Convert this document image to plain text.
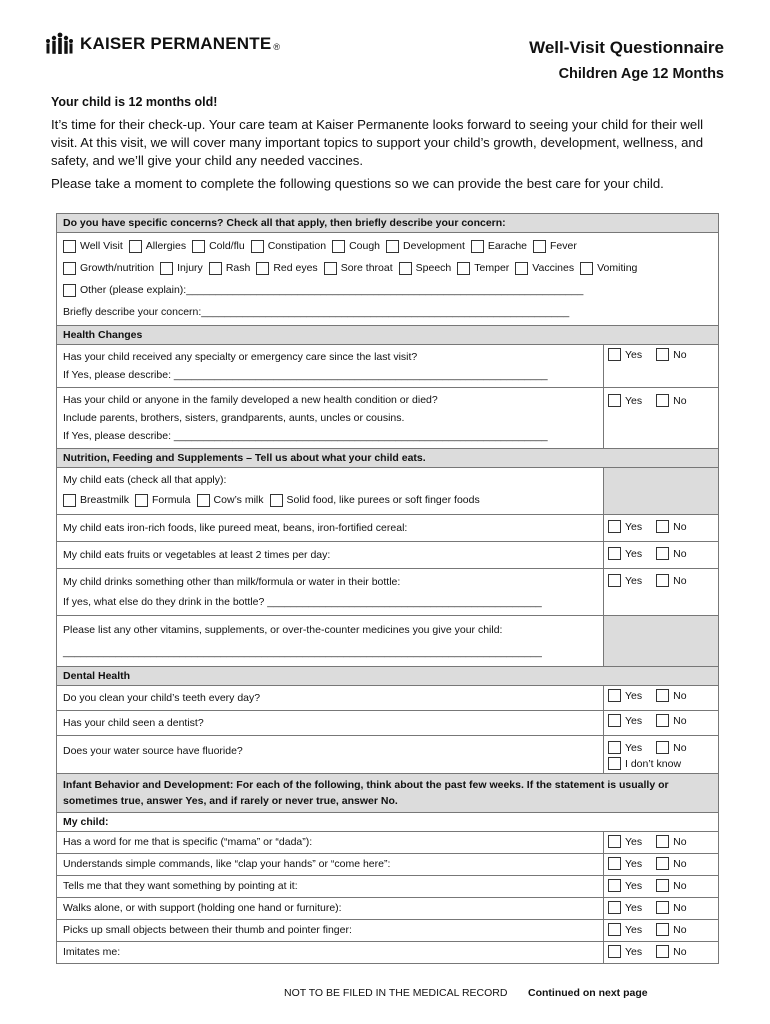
KAISER PERMANENTE ®	Well-Visit Questionnaire
Children Age 12 Months
Your child is 12 months old!

It’s time for their check-up. Your care team at Kaiser Permanente looks forward to seeing your child for their well visit. At this visit, we will cover many important topics to support your child’s growth, development, wellness, and safety, and we’ll give your child any needed vaccines.

Please take a moment to complete the following questions so we can provide the best care for your child.

Do you have specific concerns? Check all that apply, then briefly describe your concern:
Well Visit Allergies Cold/flu Constipation Cough Development Earache Fever
Growth/nutrition Injury Rash Red eyes Sore throat Speech Temper Vaccines Vomiting
Other (please explain):____________________________________________________________________
Briefly describe your concern:_______________________________________________________________
Health Changes
Has your child received any specialty or emergency care since the last visit?
If Yes, please describe: ________________________________________________________________
Yes	No
Has your child or anyone in the family developed a new health condition or died?
Include parents, brothers, sisters, grandparents, aunts, uncles or cousins.
If Yes, please describe: ________________________________________________________________
Yes	No
Nutrition, Feeding and Supplements – Tell us about what your child eats.
My child eats (check all that apply):
Breastmilk Formula Cow’s milk Solid food, like purees or soft finger foods
My child eats iron-rich foods, like pureed meat, beans, iron-fortified cereal:	Yes	No
My child eats fruits or vegetables at least 2 times per day:	Yes	No
My child drinks something other than milk/formula or water in their bottle:
If yes, what else do they drink in the bottle? _______________________________________________
Yes	No
Please list any other vitamins, supplements, or over-the-counter medicines you give your child:
__________________________________________________________________________________
Dental Health
Do you clean your child’s teeth every day?	Yes	No
Has your child seen a dentist?	Yes	No
Does your water source have fluoride?	Yes	No
I don’t know
Infant Behavior and Development: For each of the following, think about the past few weeks. If the statement is usually or sometimes true, answer Yes, and if rarely or never true, answer No.
My child:
Has a word for me that is specific (“mama” or “dada”):	Yes	No
Understands simple commands, like “clap your hands” or “come here”:	Yes	No
Tells me that they want something by pointing at it:	Yes	No
Walks alone, or with support (holding one hand or furniture):	Yes	No
Picks up small objects between their thumb and pointer finger:	Yes	No
Imitates me:	Yes	No
NOT TO BE FILED IN THE MEDICAL RECORD Continued on next page
